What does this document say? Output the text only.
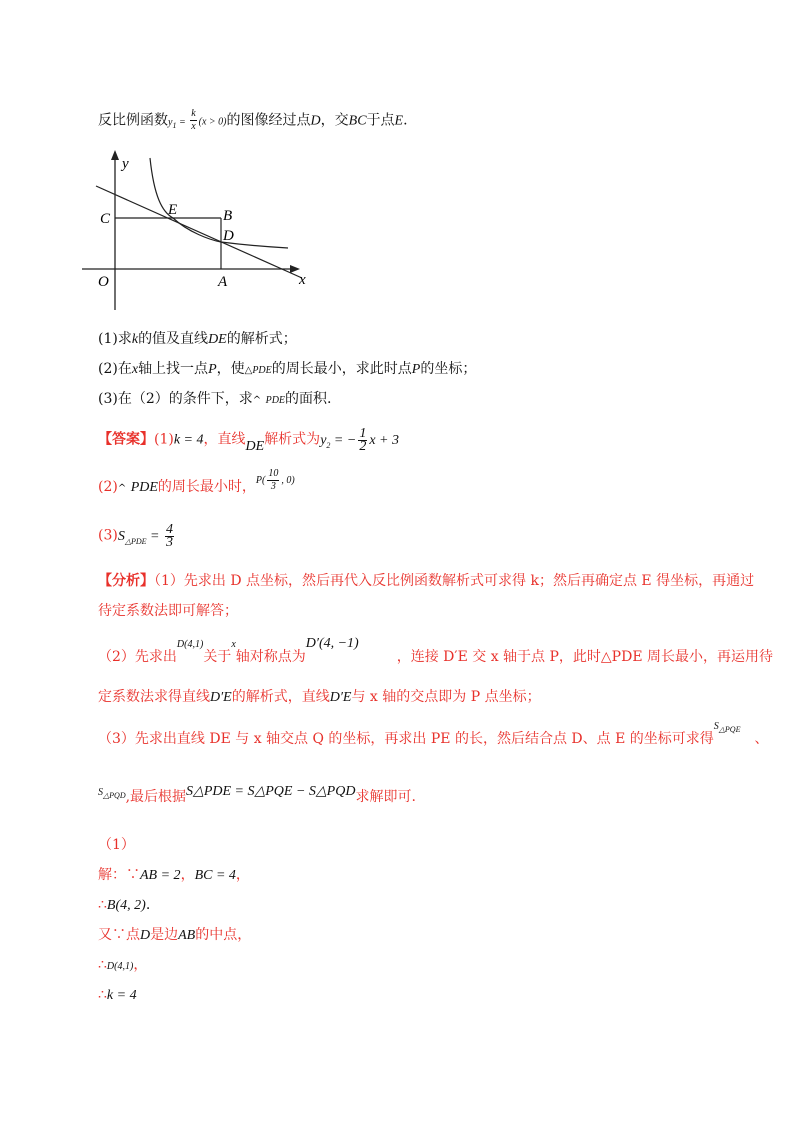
反比例函数$y_1 = \frac{k}{x} (x > 0)$的图像经过点D，交BC于点E.
y
x
O	A
B
C
D
E
(1)求k的值及直线DE的解析式；
(2)在x轴上找一点P，使△PDE的周长最小，求此时点P的坐标；
(3)在（2）的条件下，求^ PDE的面积.
【答案】(1)k = 4，直线DE解析式为$y_2$ = − $\frac{1}{2}$ x + 3
(2)^ PDE的周长最小时，$^{P( \frac{10}{3} , 0)}$
$(3)S_{\triangle PDE} = \frac{4}{3}$
【分析】（1）先求出 D 点坐标，然后再代入反比例函数解析式可求得 k；然后再确定点 E 得坐标，再通过
待定系数法即可解答；
（2）先求出$^{D(4,1)}$关于$^x$轴对称点为D′(4, −1)，连接 D′E 交 x 轴于点 P，此时△PDE 周长最小，再运用待
定系数法求得直线D′E的解析式，直线D′E与 x 轴的交点即为 P 点坐标；
（3）先求出直线 DE 与 x 轴交点 Q 的坐标，再求出 PE 的长，然后结合点 D、点 E 的坐标可求得$^{S_{\triangle PQE}}$、
$^{S_{\triangle PQD}}$,最后根据S△PDE = S△PQE − S△PQD求解即可.
（1）
解：∵AB = 2，BC = 4，
∴B(4, 2).
又∵点D是边AB的中点，
∴D(4,1)，
∴k = 4
